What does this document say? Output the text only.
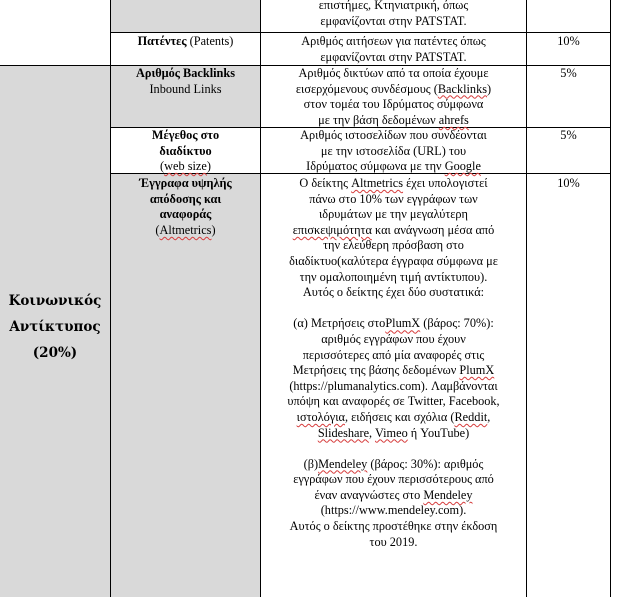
Κοινωνικός
Αντίκτυπος
(20%)
επιστήμες, Κτηνιατρική, όπως
εμφανίζονται στην PATSTAT.
Πατέντες (Patents)	Αριθμός αιτήσεων για πατέντες όπως
εμφανίζονται στην PATSTAT.
10%
Αριθμός Backlinks
Inbound Links
Αριθμός δικτύων από τα οποία έχουμε
εισερχόμενους συνδέσμους (Backlinks)
στον τομέα του Ιδρύματος σύμφωνα
με την βάση δεδομένων ahrefs
5%
Μέγεθος στο
διαδίκτυο
(web size)
Αριθμός ιστοσελίδων που συνδέονται
με την ιστοσελίδα (URL) του
Ιδρύματος σύμφωνα με την Google
5%
Έγγραφα υψηλής
απόδοσης και
αναφοράς
(Altmetrics)
Ο δείκτης Altmetrics έχει υπολογιστεί
πάνω στο 10% των εγγράφων των
ιδρυμάτων με την μεγαλύτερη
επισκεψιμότητα και ανάγνωση μέσα από
την ελεύθερη πρόσβαση στο
διαδίκτυο(καλύτερα έγγραφα σύμφωνα με
την ομαλοποιημένη τιμή αντίκτυπου).
Αυτός ο δείκτης έχει δύο συστατικά:
(α) Μετρήσεις στοPlumX (βάρος: 70%):
αριθμός εγγράφων που έχουν
περισσότερες από μία αναφορές στις
Μετρήσεις της βάσης δεδομένων PlumX
(https://plumanalytics.com). Λαμβάνονται
υπόψη και αναφορές σε Twitter, Facebook,
ιστολόγια, ειδήσεις και σχόλια (Reddit,
Slideshare, Vimeo ή YouTube)
(β)Mendeley (βάρος: 30%): αριθμός
εγγράφων που έχουν περισσότερους από
έναν αναγνώστες στο Mendeley
(https://www.mendeley.com).
Αυτός ο δείκτης προστέθηκε στην έκδοση
του 2019.
10%
